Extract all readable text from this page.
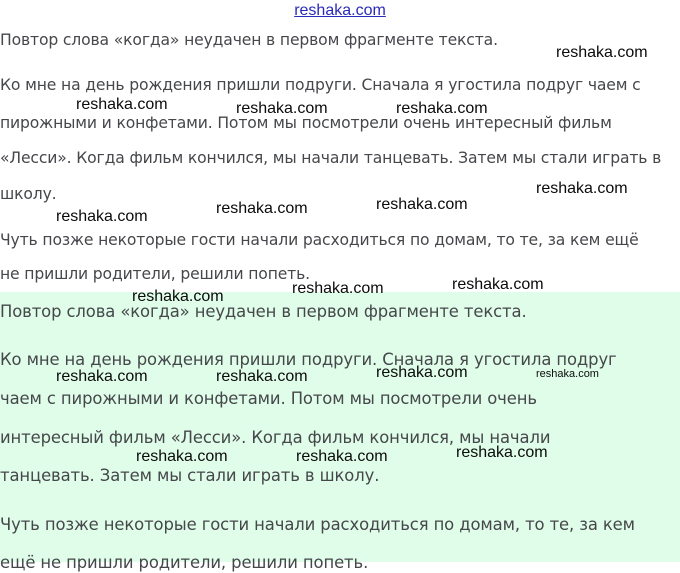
reshaka.com
Повтор слова «когда» неудачен в первом фрагменте текста.
Ко мне на день рождения пришли подруги. Сначала я угостила подруг чаем с
пирожными и конфетами. Потом мы посмотрели очень интересный фильм
«Лесси». Когда фильм кончился, мы начали танцевать. Затем мы стали играть в
школу.
Чуть позже некоторые гости начали расходиться по домам, то те, за кем ещё
не пришли родители, решили попеть.
Повтор слова «когда» неудачен в первом фрагменте текста.
Ко мне на день рождения пришли подруги. Сначала я угостила подруг
чаем с пирожными и конфетами. Потом мы посмотрели очень
интересный фильм «Лесси». Когда фильм кончился, мы начали
танцевать. Затем мы стали играть в школу.
Чуть позже некоторые гости начали расходиться по домам, то те, за кем
ещё не пришли родители, решили попеть.
reshaka.com
reshaka.com	reshaka.com	reshaka.com
reshaka.com
reshaka.com	reshaka.com	reshaka.com
reshaka.com
reshaka.com
reshaka.com
reshaka.com	reshaka.com	reshaka.com	reshaka.com
reshaka.com	reshaka.com	reshaka.com
